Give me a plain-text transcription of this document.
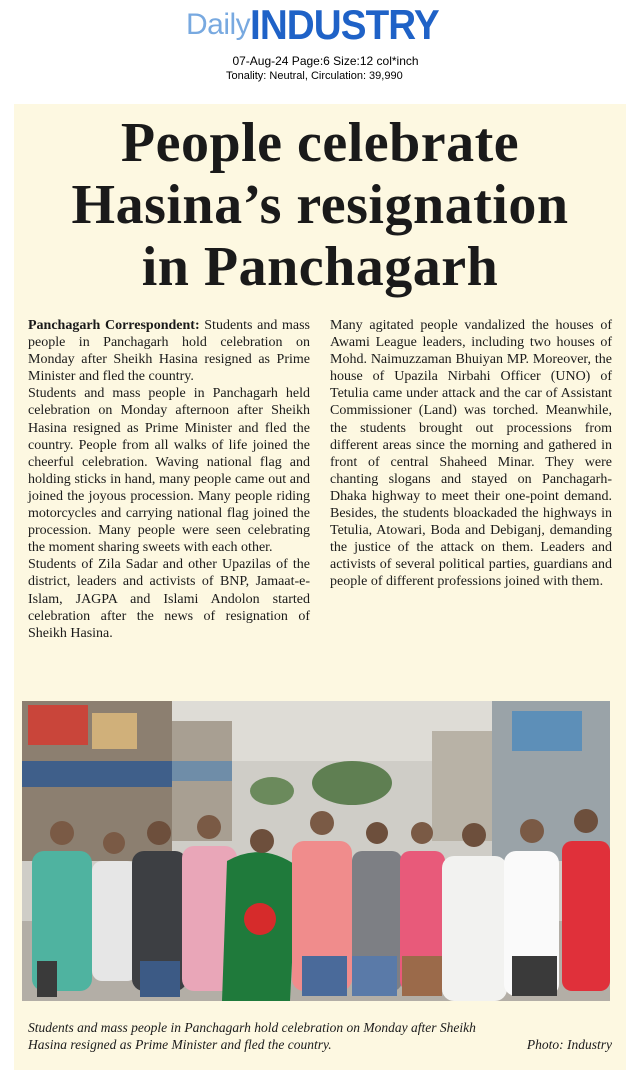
DailyINDUSTRY
07-Aug-24 Page:6 Size:12 col*inch
Tonality: Neutral, Circulation: 39,990
People celebrate
Hasina’s resignation
in Panchagarh

Panchagarh Correspondent: Students and mass people in Panchagarh hold celebration on Monday after Sheikh Hasina resigned as Prime Minister and fled the country.

Students and mass people in Panchagarh held celebration on Monday afternoon after Sheikh Hasina resigned as Prime Minister and fled the country. People from all walks of life joined the cheerful celebration. Waving national flag and holding sticks in hand, many people came out and joined the joyous procession. Many people riding motorcycles and carrying national flag joined the procession. Many people were seen celebrating the moment sharing sweets with each other.

Students of Zila Sadar and other Upazilas of the district, leaders and activists of BNP, Jamaat-e-Islam, JAGPA and Islami Andolon started celebration after the news of resignation of Sheikh Hasina.

Many agitated people vandalized the houses of Awami League leaders, including two houses of Mohd. Naimuzzaman Bhuiyan MP. Moreover, the house of Upazila Nirbahi Officer (UNO) of Tetulia came under attack and the car of Assistant Commissioner (Land) was torched. Meanwhile, the students brought out processions from different areas since the morning and gathered in front of central Shaheed Minar. They were chanting slogans and stayed on Panchagarh-Dhaka highway to meet their one-point demand. Besides, the students bloackaded the highways in Tetulia, Atowari, Boda and Debiganj, demanding the justice of the attack on them. Leaders and activists of several political parties, guardians and people of different professions joined with them.

Students and mass people in Panchagarh hold celebration on Monday after Sheikh
Hasina resigned as Prime Minister and fled the country.	Photo: Industry
